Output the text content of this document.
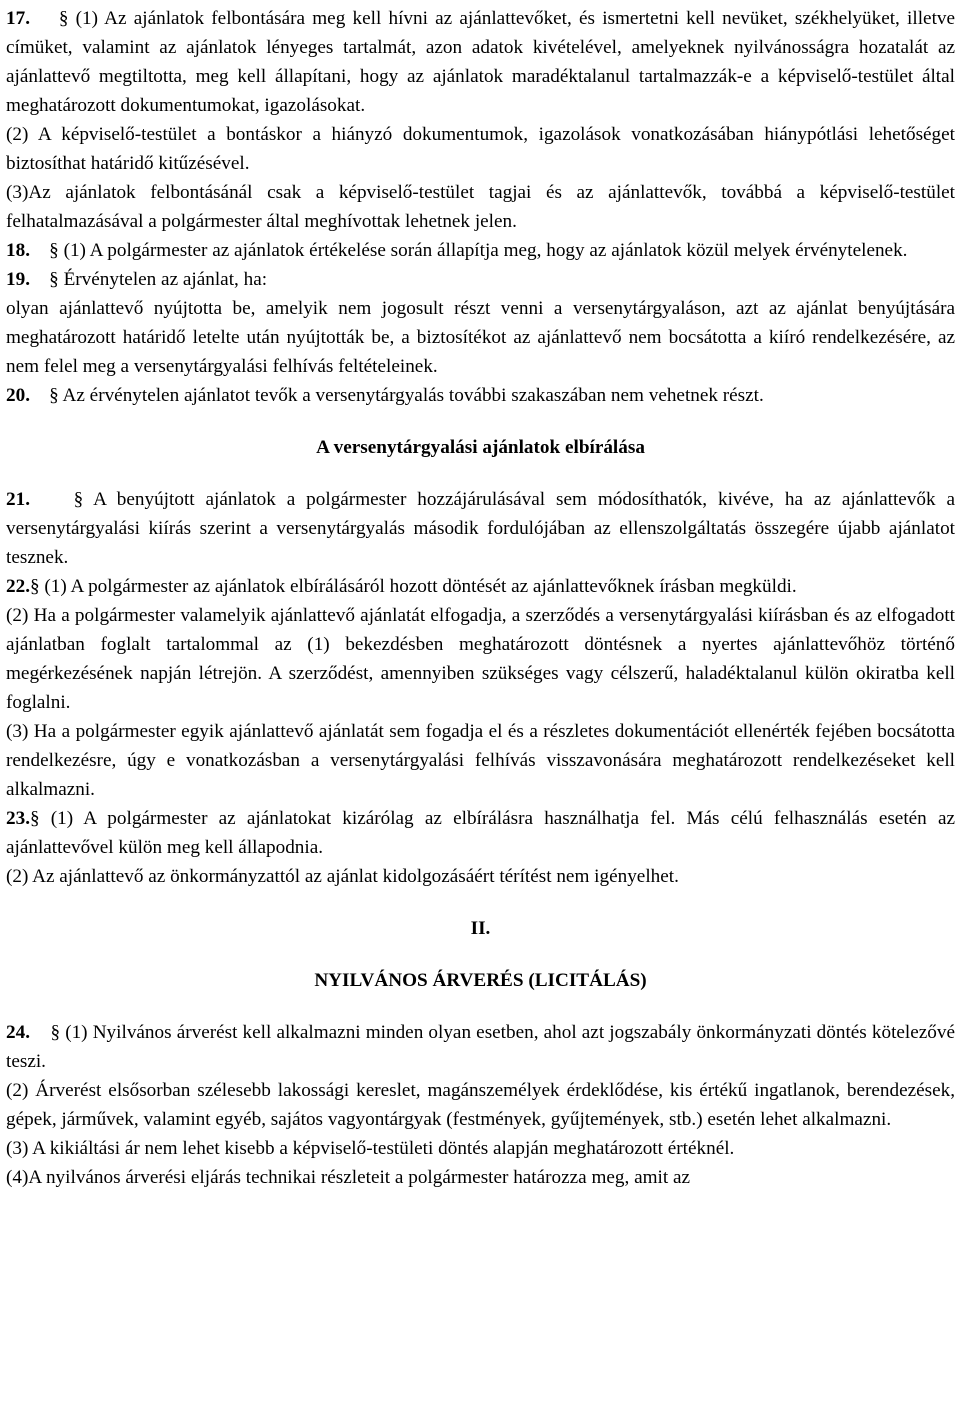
17. § (1) Az ajánlatok felbontására meg kell hívni az ajánlattevőket, és ismertetni kell nevüket, székhelyüket, illetve címüket, valamint az ajánlatok lényeges tartalmát, azon adatok kivételével, amelyeknek nyilvánosságra hozatalát az ajánlattevő megtiltotta, meg kell állapítani, hogy az ajánlatok maradéktalanul tartalmazzák-e a képviselő-testület által meghatározott dokumentumokat, igazolásokat.

(2) A képviselő-testület a bontáskor a hiányzó dokumentumok, igazolások vonatkozásában hiánypótlási lehetőséget biztosíthat határidő kitűzésével.

(3)Az ajánlatok felbontásánál csak a képviselő-testület tagjai és az ajánlattevők, továbbá a képviselő-testület felhatalmazásával a polgármester által meghívottak lehetnek jelen.

18. § (1) A polgármester az ajánlatok értékelése során állapítja meg, hogy az ajánlatok közül melyek érvénytelenek.

19. § Érvénytelen az ajánlat, ha:

olyan ajánlattevő nyújtotta be, amelyik nem jogosult részt venni a versenytárgyaláson, azt az ajánlat benyújtására meghatározott határidő letelte után nyújtották be, a biztosítékot az ajánlattevő nem bocsátotta a kiíró rendelkezésére, az nem felel meg a versenytárgyalási felhívás feltételeinek.

20. § Az érvénytelen ajánlatot tevők a versenytárgyalás további szakaszában nem vehetnek részt.

A versenytárgyalási ajánlatok elbírálása

21. § A benyújtott ajánlatok a polgármester hozzájárulásával sem módosíthatók, kivéve, ha az ajánlattevők a versenytárgyalási kiírás szerint a versenytárgyalás második fordulójában az ellenszolgáltatás összegére újabb ajánlatot tesznek.

22.§ (1) A polgármester az ajánlatok elbírálásáról hozott döntését az ajánlattevőknek írásban megküldi.

(2) Ha a polgármester valamelyik ajánlattevő ajánlatát elfogadja, a szerződés a versenytárgyalási kiírásban és az elfogadott ajánlatban foglalt tartalommal az (1) bekezdésben meghatározott döntésnek a nyertes ajánlattevőhöz történő megérkezésének napján létrejön. A szerződést, amennyiben szükséges vagy célszerű, haladéktalanul külön okiratba kell foglalni.

(3) Ha a polgármester egyik ajánlattevő ajánlatát sem fogadja el és a részletes dokumentációt ellenérték fejében bocsátotta rendelkezésre, úgy e vonatkozásban a versenytárgyalási felhívás visszavonására meghatározott rendelkezéseket kell alkalmazni.

23.§ (1) A polgármester az ajánlatokat kizárólag az elbírálásra használhatja fel. Más célú felhasználás esetén az ajánlattevővel külön meg kell állapodnia.

(2) Az ajánlattevő az önkormányzattól az ajánlat kidolgozásáért térítést nem igényelhet.

II.

NYILVÁNOS ÁRVERÉS (LICITÁLÁS)

24. § (1) Nyilvános árverést kell alkalmazni minden olyan esetben, ahol azt jogszabály önkormányzati döntés kötelezővé teszi.

(2) Árverést elsősorban szélesebb lakossági kereslet, magánszemélyek érdeklődése, kis értékű ingatlanok, berendezések, gépek, járművek, valamint egyéb, sajátos vagyontárgyak (festmények, gyűjtemények, stb.) esetén lehet alkalmazni.

(3) A kikiáltási ár nem lehet kisebb a képviselő-testületi döntés alapján meghatározott értéknél.

(4)A nyilvános árverési eljárás technikai részleteit a polgármester határozza meg, amit az
